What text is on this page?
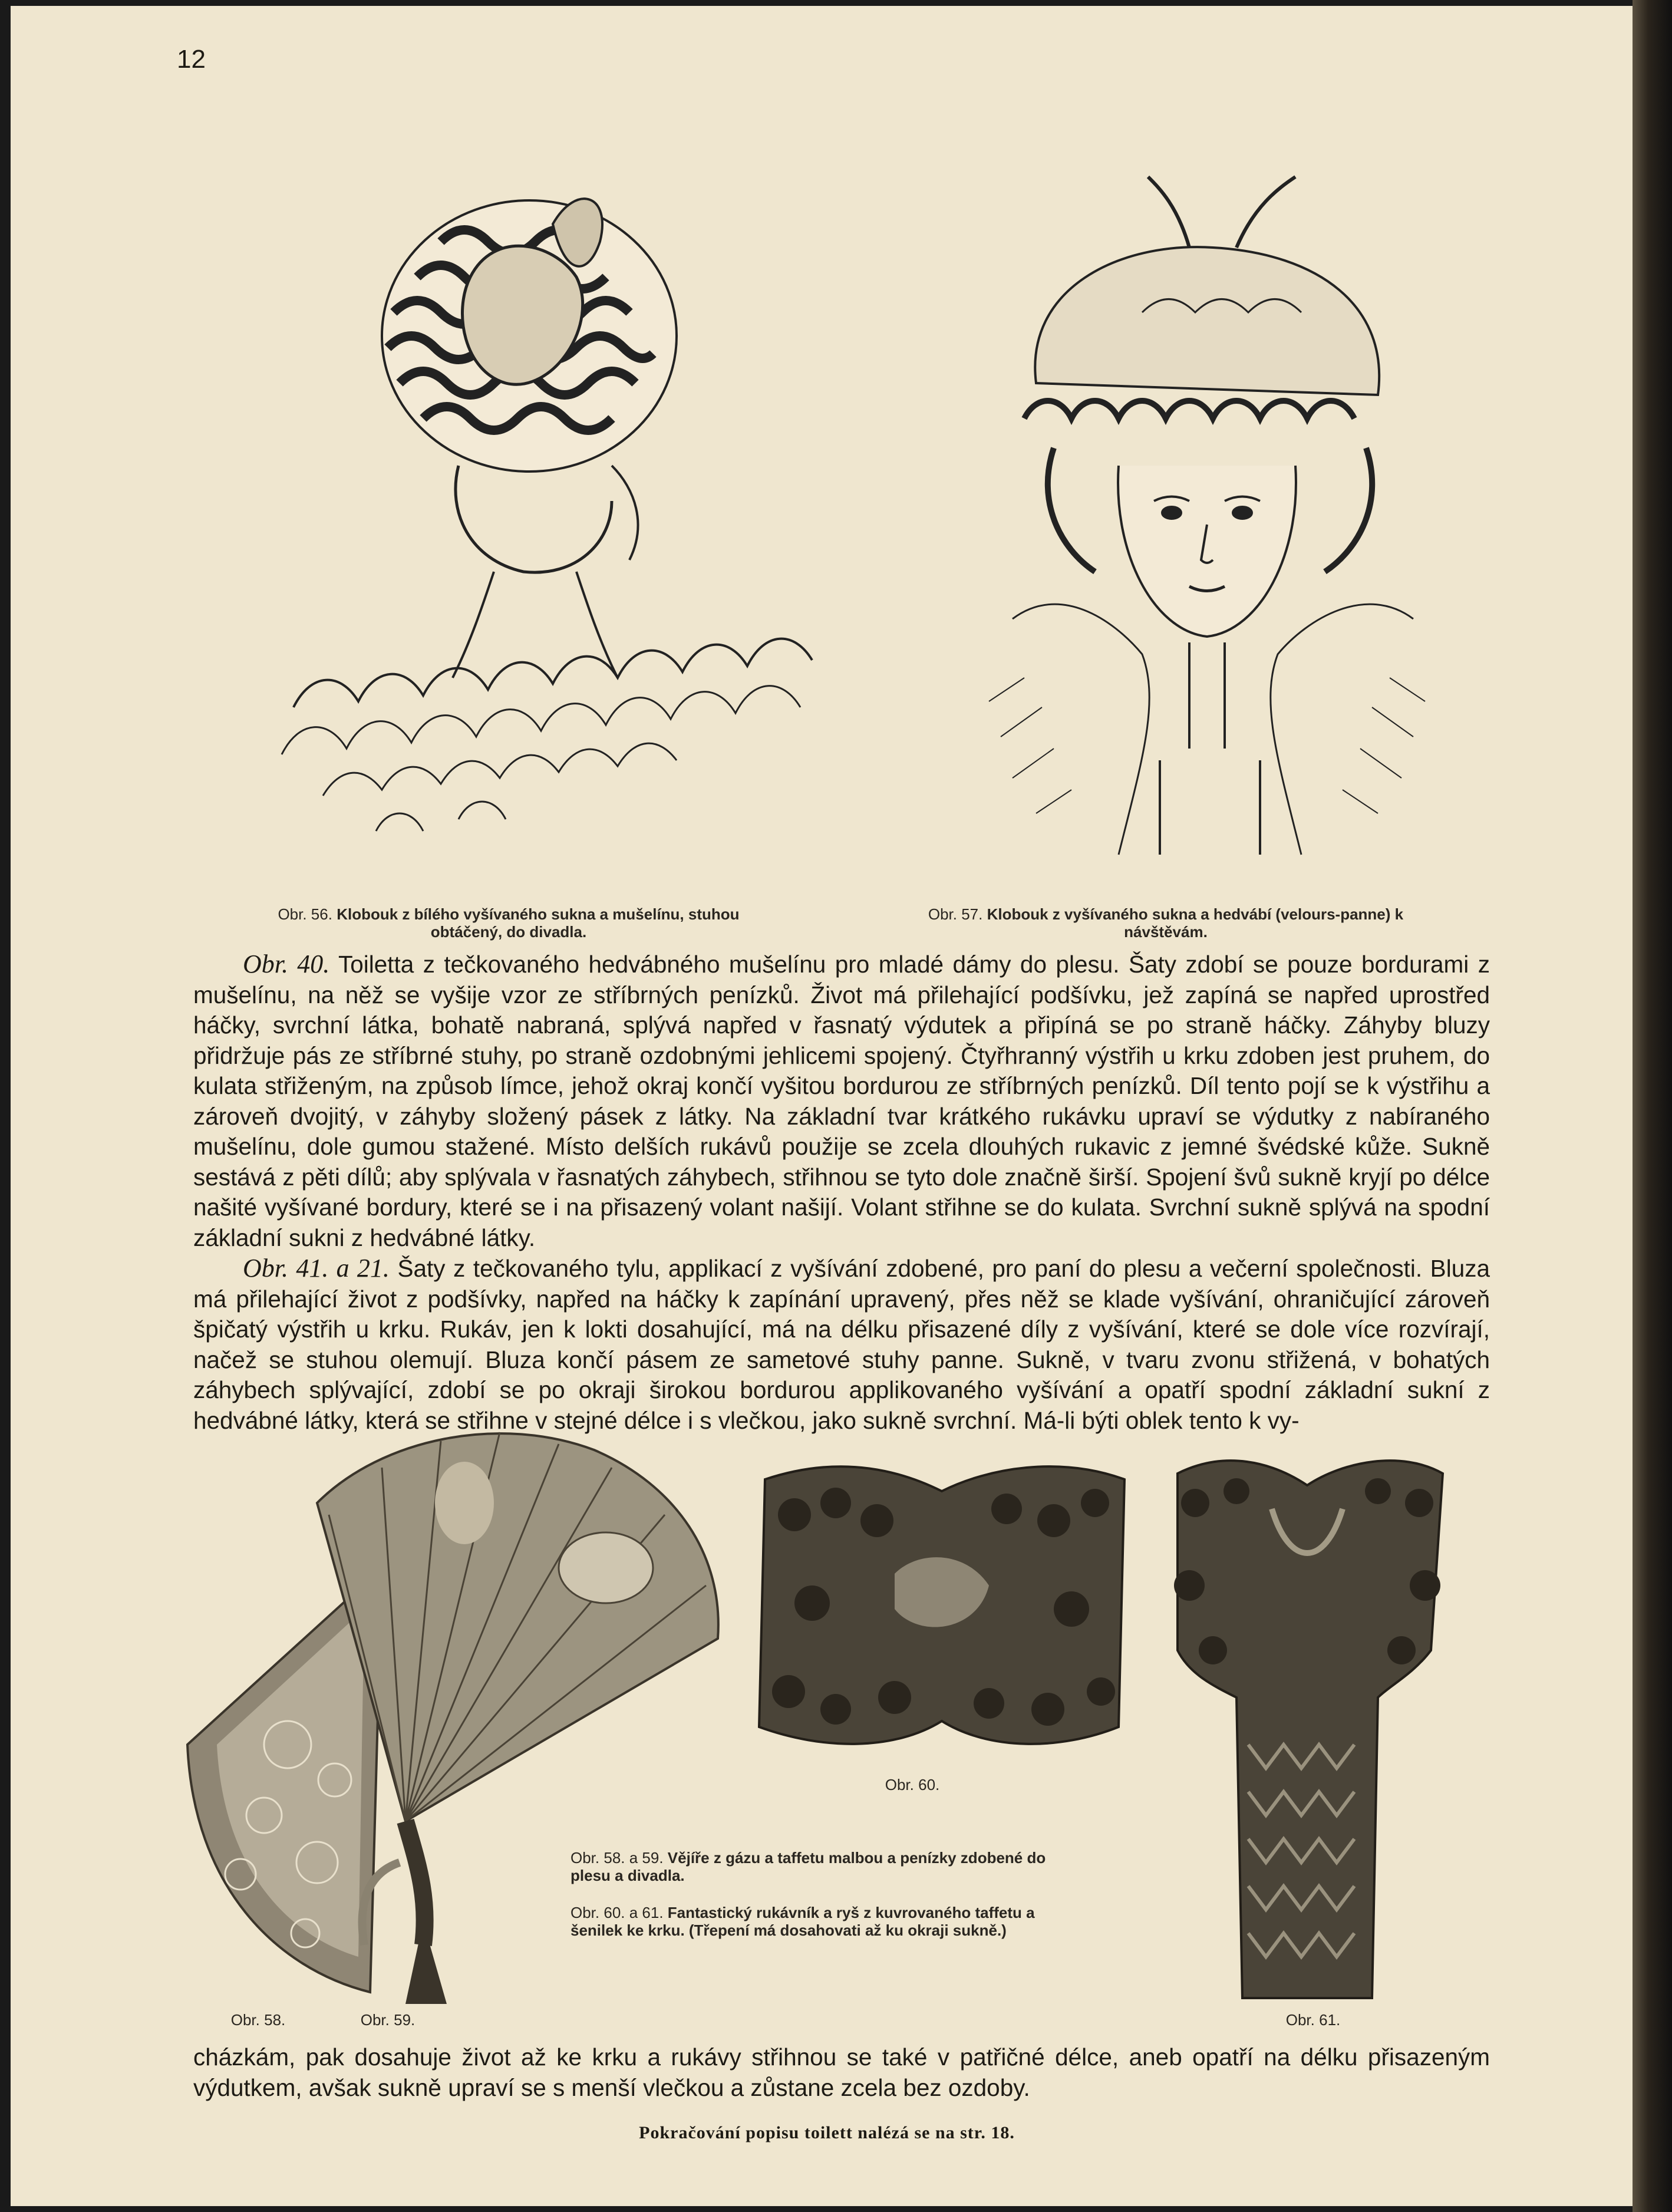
12
Obr. 56. Klobouk z bílého vyšívaného sukna a mušelínu, stuhou obtáčený, do divadla.
Obr. 57. Klobouk z vyšívaného sukna a hedvábí (velours-panne) k návštěvám.

Obr. 40. Toiletta z tečkovaného hedvábného mušelínu pro mladé dámy do plesu. Šaty zdobí se pouze bordurami z mušelínu, na něž se vyšije vzor ze stříbrných penízků. Život má přilehající podšívku, jež zapíná se napřed uprostřed háčky, svrchní látka, bohatě nabraná, splývá napřed v řasnatý výdutek a připíná se po straně háčky. Záhyby bluzy přidržuje pás ze stříbrné stuhy, po straně ozdobnými jehlicemi spojený. Čtyřhranný výstřih u krku zdoben jest pruhem, do kulata střiženým, na způsob límce, jehož okraj končí vyšitou bordurou ze stříbrných penízků. Díl tento pojí se k výstřihu a zároveň dvojitý, v záhyby složený pásek z látky. Na základní tvar krátkého rukávku upraví se výdutky z nabíraného mušelínu, dole gumou stažené. Místo delších rukávů použije se zcela dlouhých rukavic z jemné švédské kůže. Sukně sestává z pěti dílů; aby splývala v řasnatých záhybech, střihnou se tyto dole značně širší. Spojení švů sukně kryjí po délce našité vyšívané bordury, které se i na přisazený volant našijí. Volant střihne se do kulata. Svrchní sukně splývá na spodní základní sukni z hedvábné látky.

Obr. 41. a 21. Šaty z tečkovaného tylu, applikací z vyšívání zdobené, pro paní do plesu a večerní společnosti. Bluza má přilehající život z podšívky, napřed na háčky k zapínání upravený, přes něž se klade vyšívání, ohraničující zároveň špičatý výstřih u krku. Rukáv, jen k lokti dosahující, má na délku přisazené díly z vyšívání, které se dole více rozvírají, načež se stuhou olemují. Bluza končí pásem ze sametové stuhy panne. Sukně, v tvaru zvonu střižená, v bohatých záhybech splývající, zdobí se po okraji širokou bordurou applikovaného vyšívání a opatří spodní základní sukní z hedvábné látky, která se střihne v stejné délce i s vlečkou, jako sukně svrchní. Má-li býti oblek tento k vy-

Obr. 60.
Obr. 58. a 59. Vějíře z gázu a taffetu malbou a penízky zdobené do plesu a divadla.
Obr. 60. a 61. Fantastický rukávník a ryš z kuvrovaného taffetu a šenilek ke krku. (Třepení má dosahovati až ku okraji sukně.)
Obr. 58.	Obr. 59.	Obr. 61.
cházkám, pak dosahuje život až ke krku a rukávy střihnou se také v patřičné délce, aneb opatří na délku přisazeným výdutkem, avšak sukně upraví se s menší vlečkou a zůstane zcela bez ozdoby.
Pokračování popisu toilett nalézá se na str. 18.
